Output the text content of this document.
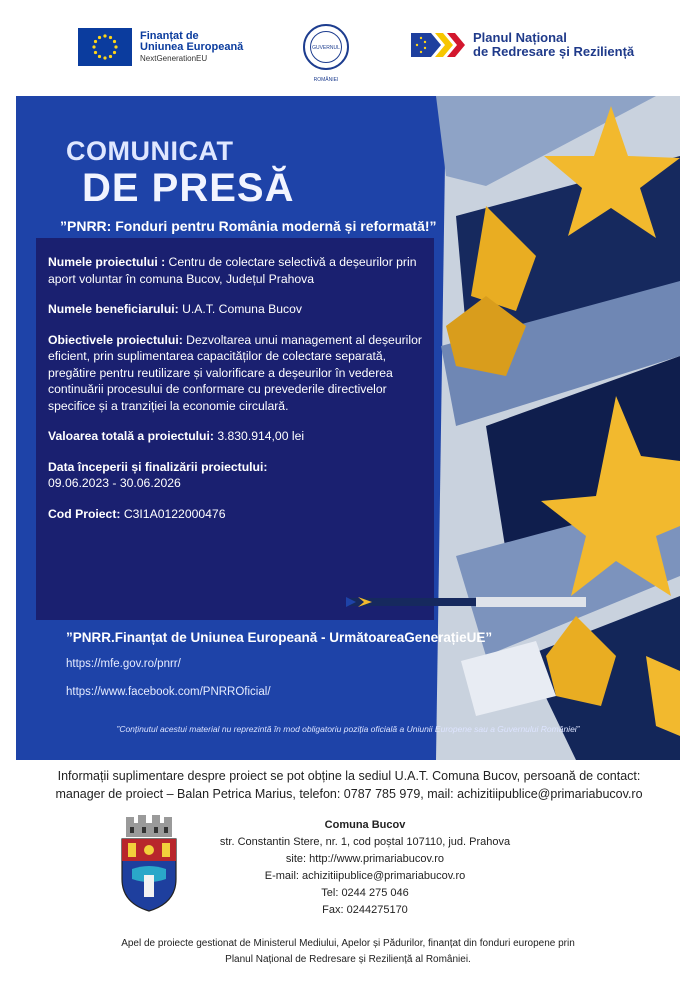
Finanțat de
Uniunea Europeană
NextGenerationEU
GUVERNUL ROMÂNIEI
Planul Național
de Redresare și Reziliență
COMUNICAT
DE PRESĂ
”PNRR: Fonduri pentru România modernă și reformată!”

Numele proiectului : Centru de colectare selectivă a deșeurilor prin aport voluntar în comuna Bucov, Județul Prahova

Numele beneficiarului: U.A.T. Comuna Bucov

Obiectivele proiectului: Dezvoltarea unui management al deșeurilor eficient, prin suplimentarea capacităților de colectare separată, pregătire pentru reutilizare și valorificare a deșeurilor în vederea continuării procesului de conformare cu prevederile directivelor specifice și a tranziției la economie circulară.

Valoarea totală a proiectului: 3.830.914,00 lei

Data începerii și finalizării proiectului:
09.06.2023 - 30.06.2026

Cod Proiect: C3I1A0122000476

”PNRR.Finanțat de Uniunea Europeană - UrmătoareaGenerațieUE”
https://mfe.gov.ro/pnrr/
https://www.facebook.com/PNRROficial/
”Conținutul acestui material nu reprezintă în mod obligatoriu poziția oficială a Uniunii Europene sau a Guvernului României”
Informații suplimentare despre proiect se pot obține la sediul U.A.T. Comuna Bucov, persoană de contact:
manager de proiect – Balan Petrica Marius, telefon: 0787 785 979, mail: achizitiipublice@primariabucov.ro
Comuna Bucov
str. Constantin Stere, nr. 1, cod poștal 107110, jud. Prahova
site: http://www.primariabucov.ro
E-mail: achizitiipublice@primariabucov.ro
Tel: 0244 275 046
Fax: 0244275170
Apel de proiecte gestionat de Ministerul Mediului, Apelor și Pădurilor, finanțat din fonduri europene prin
Planul Național de Redresare și Reziliență al României.
